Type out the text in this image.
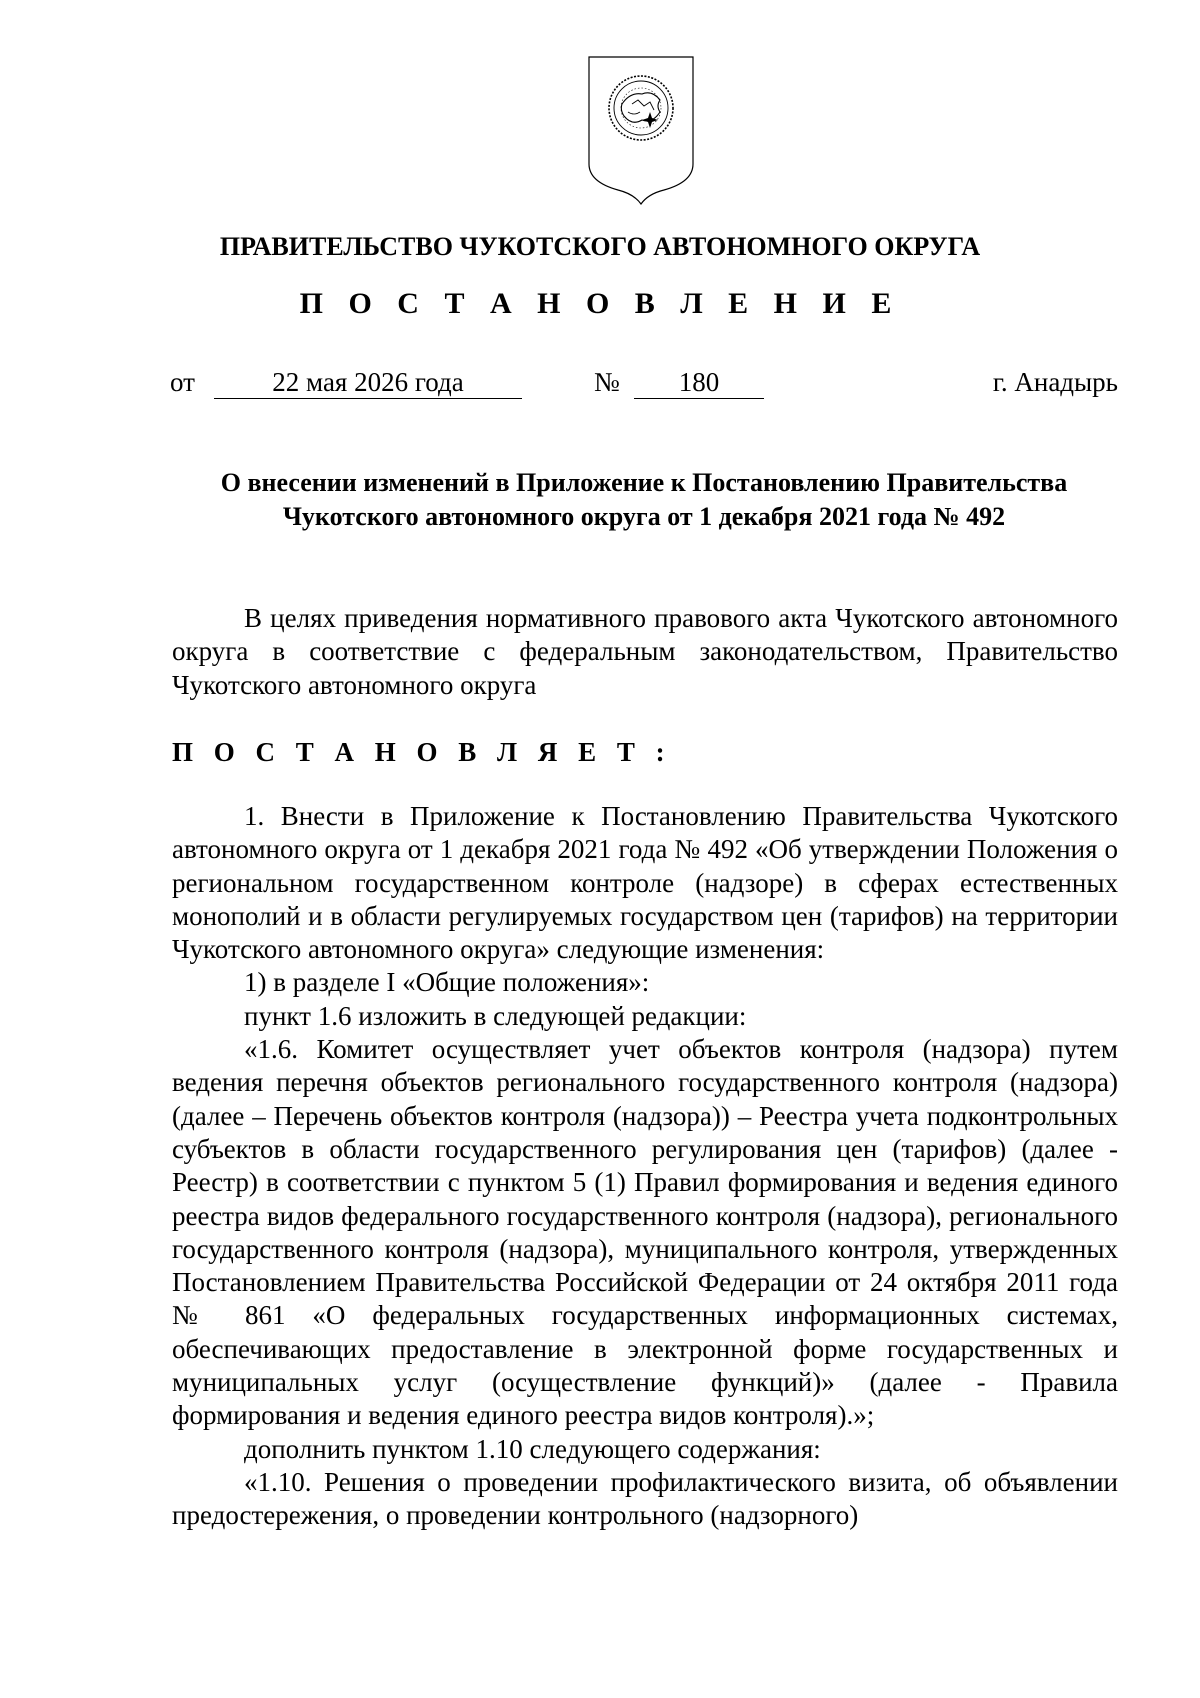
ПРАВИТЕЛЬСТВО ЧУКОТСКОГО АВТОНОМНОГО ОКРУГА
П О С Т А Н О В Л Е Н И Е
от	22 мая 2026 года	№	180	г. Анадырь
О внесении изменений в Приложение к Постановлению Правительства
Чукотского автономного округа от 1 декабря 2021 года № 492

В целях приведения нормативного правового акта Чукотского автономного округа в соответствие с федеральным законодательством, Правительство Чукотского автономного округа

П О С Т А Н О В Л Я Е Т :

1. Внести в Приложение к Постановлению Правительства Чукотского автономного округа от 1 декабря 2021 года № 492 «Об утверждении Положения о региональном государственном контроле (надзоре) в сферах естественных монополий и в области регулируемых государством цен (тарифов) на территории Чукотского автономного округа» следующие изменения:

1) в разделе I «Общие положения»:

пункт 1.6 изложить в следующей редакции:

«1.6. Комитет осуществляет учет объектов контроля (надзора) путем ведения перечня объектов регионального государственного контроля (надзора) (далее – Перечень объектов контроля (надзора)) – Реестра учета подконтрольных субъектов в области государственного регулирования цен (тарифов) (далее - Реестр) в соответствии с пунктом 5 (1) Правил формирования и ведения единого реестра видов федерального государственного контроля (надзора), регионального государственного контроля (надзора), муниципального контроля, утвержденных Постановлением Правительства Российской Федерации от 24 октября 2011 года № 861 «О федеральных государственных информационных системах, обеспечивающих предоставление в электронной форме государственных и муниципальных услуг (осуществление функций)» (далее - Правила формирования и ведения единого реестра видов контроля).»;

дополнить пунктом 1.10 следующего содержания:

«1.10. Решения о проведении профилактического визита, об объявлении предостережения, о проведении контрольного (надзорного)
